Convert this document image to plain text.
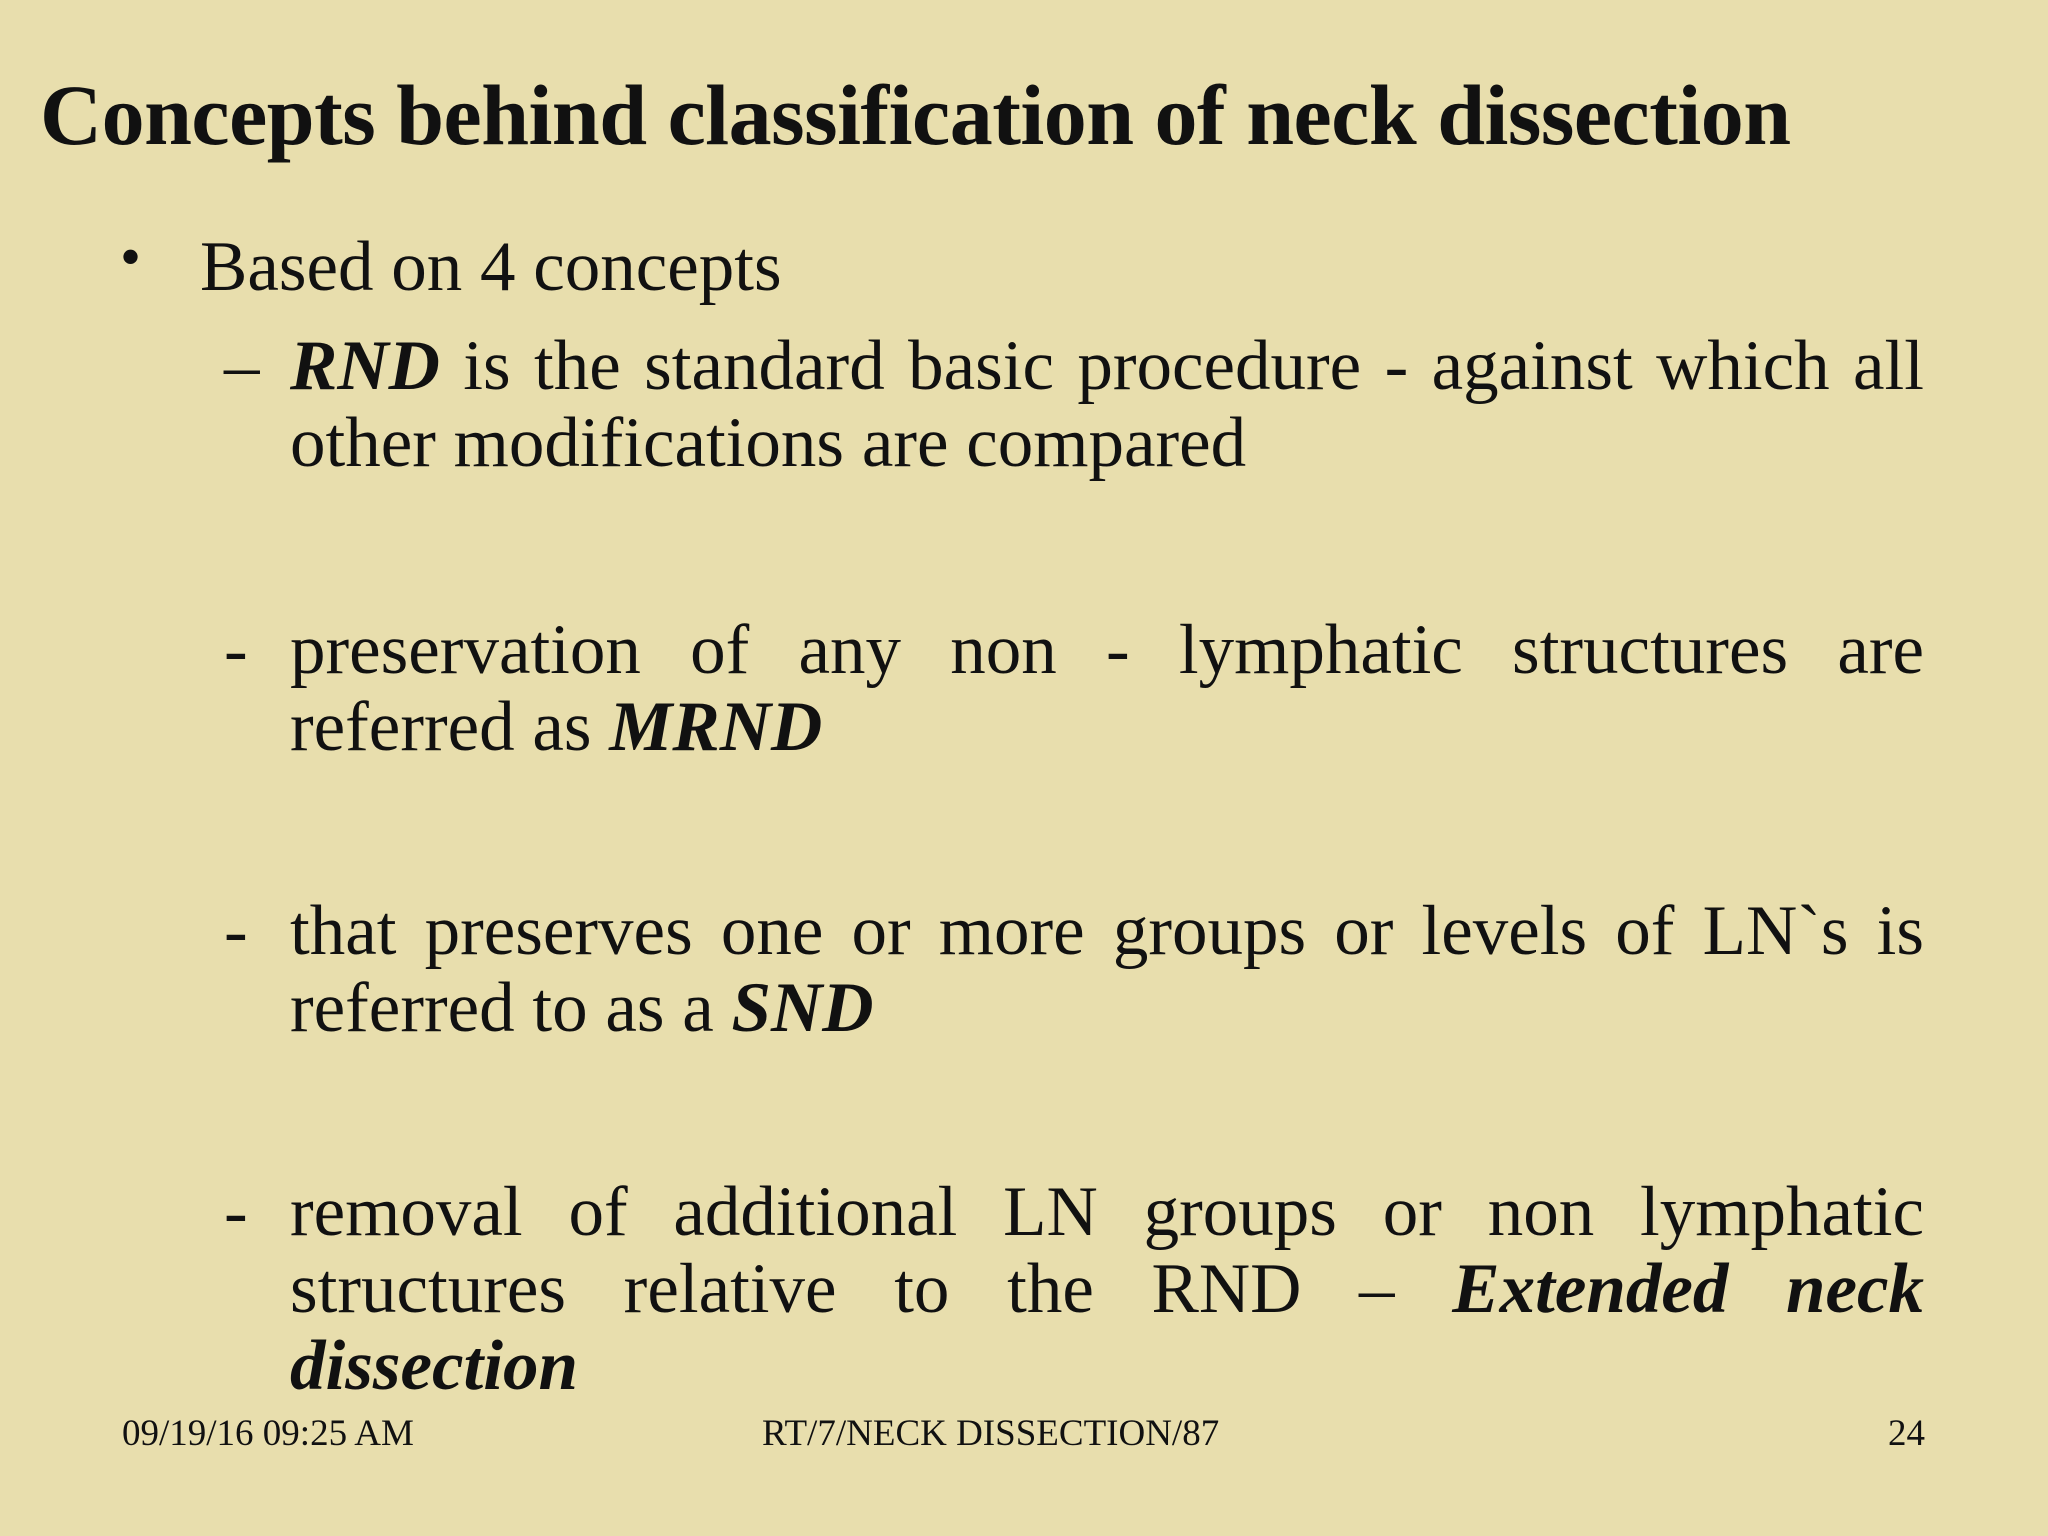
Concepts behind classification of neck dissection
• Based on 4 concepts
– RND is the standard basic procedure - against which all other modifications are compared
- preservation of any non - lymphatic structures are referred as MRND
- that preserves one or more groups or levels of LN`s is referred to as a SND
- removal of additional LN groups or non lymphatic structures relative to the RND – Extended neck dissection
09/19/16 09:25 AM	RT/7/NECK DISSECTION/87	24
